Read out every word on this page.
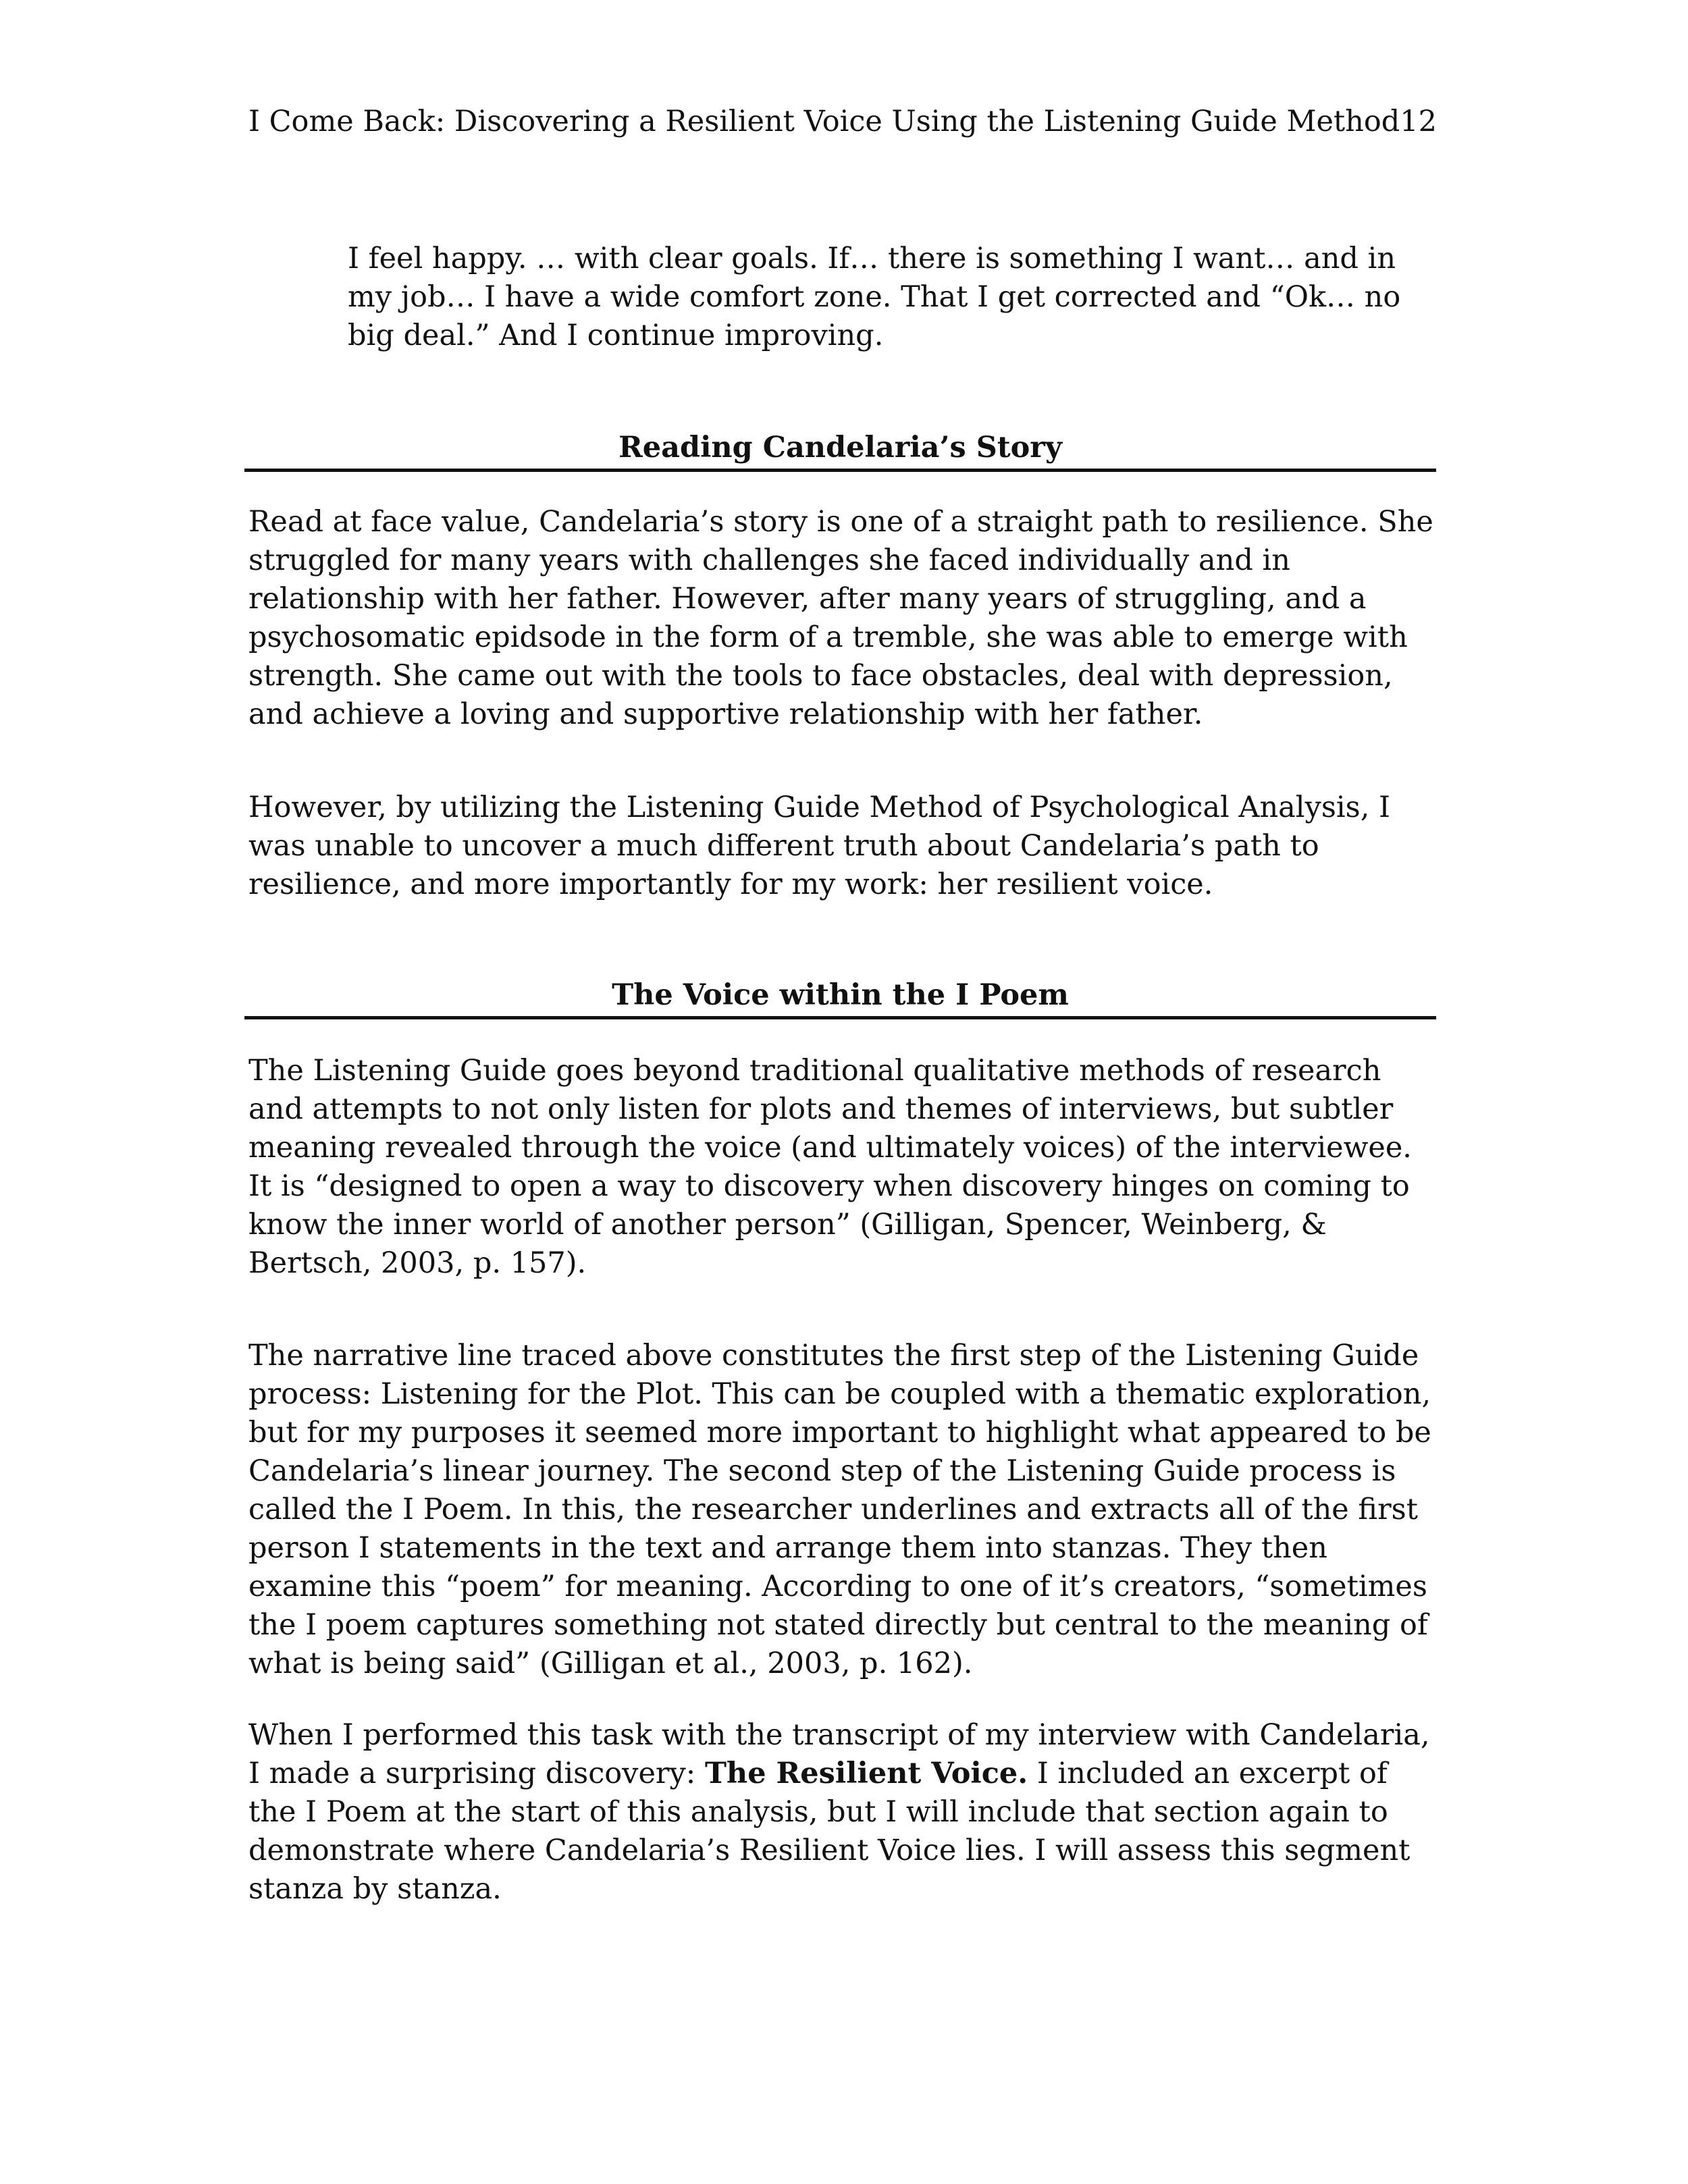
I Come Back: Discovering a Resilient Voice Using the Listening Guide Method 12

I feel happy. … with clear goals. If… there is something I want… and in my job… I have a wide comfort zone. That I get corrected and “Ok… no big deal.” And I continue improving.

Reading Candelaria’s Story

Read at face value, Candelaria’s story is one of a straight path to resilience. She struggled for many years with challenges she faced individually and in relationship with her father. However, after many years of struggling, and a psychosomatic epidsode in the form of a tremble, she was able to emerge with strength. She came out with the tools to face obstacles, deal with depression, and achieve a loving and supportive relationship with her father.

However, by utilizing the Listening Guide Method of Psychological Analysis, I was unable to uncover a much different truth about Candelaria’s path to resilience, and more importantly for my work: her resilient voice.

The Voice within the I Poem

The Listening Guide goes beyond traditional qualitative methods of research and attempts to not only listen for plots and themes of interviews, but subtler meaning revealed through the voice (and ultimately voices) of the interviewee. It is “designed to open a way to discovery when discovery hinges on coming to know the inner world of another person” (Gilligan, Spencer, Weinberg, & Bertsch, 2003, p. 157).

The narrative line traced above constitutes the first step of the Listening Guide process: Listening for the Plot. This can be coupled with a thematic exploration, but for my purposes it seemed more important to highlight what appeared to be Candelaria’s linear journey. The second step of the Listening Guide process is called the I Poem. In this, the researcher underlines and extracts all of the first person I statements in the text and arrange them into stanzas. They then examine this “poem” for meaning. According to one of it’s creators, “sometimes the I poem captures something not stated directly but central to the meaning of what is being said” (Gilligan et al., 2003, p. 162).

When I performed this task with the transcript of my interview with Candelaria, I made a surprising discovery: The Resilient Voice. I included an excerpt of the I Poem at the start of this analysis, but I will include that section again to demonstrate where Candelaria’s Resilient Voice lies. I will assess this segment stanza by stanza.
